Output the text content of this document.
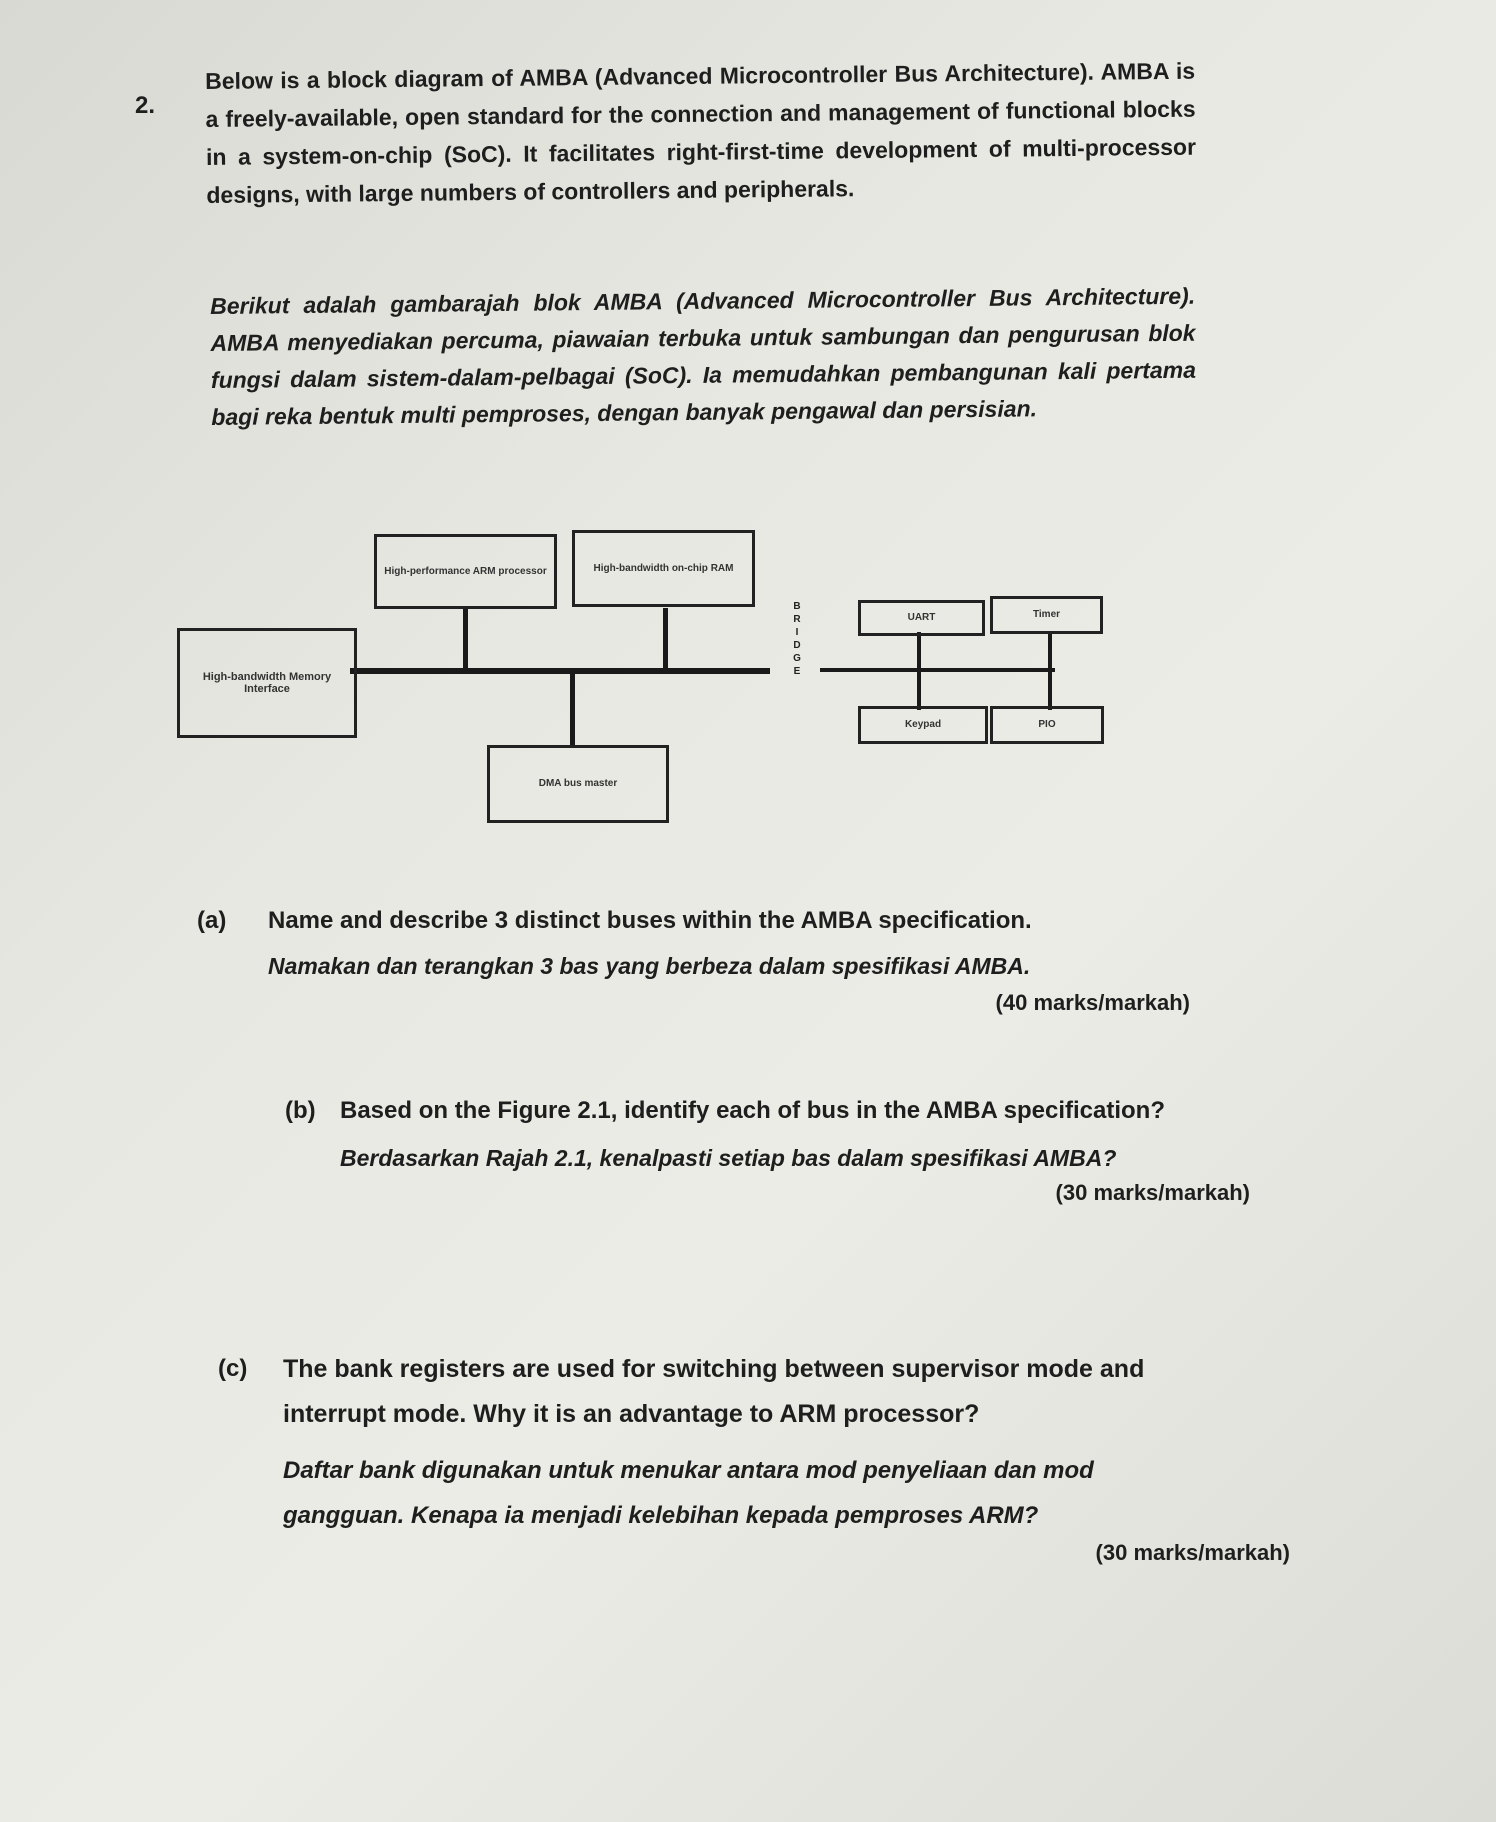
2.
Below is a block diagram of AMBA (Advanced Microcontroller Bus Architecture). AMBA is a freely-available, open standard for the connection and management of functional blocks in a system-on-chip (SoC). It facilitates right-first-time development of multi-processor designs, with large numbers of controllers and peripherals.
Berikut adalah gambarajah blok AMBA (Advanced Microcontroller Bus Architecture). AMBA menyediakan percuma, piawaian terbuka untuk sambungan dan pengurusan blok fungsi dalam sistem-dalam-pelbagai (SoC). Ia memudahkan pembangunan kali pertama bagi reka bentuk multi pemproses, dengan banyak pengawal dan persisian.
High-performance ARM processor	High-bandwidth on-chip RAM
High-bandwidth Memory Interface
DMA bus master
B
R
I
D
G
E
UART	Timer
Keypad	PIO
(a) Name and describe 3 distinct buses within the AMBA specification.
Namakan dan terangkan 3 bas yang berbeza dalam spesifikasi AMBA.
(40 marks/markah)
(b) Based on the Figure 2.1, identify each of bus in the AMBA specification?
Berdasarkan Rajah 2.1, kenalpasti setiap bas dalam spesifikasi AMBA?
(30 marks/markah)
(c) The bank registers are used for switching between supervisor mode and
interrupt mode. Why it is an advantage to ARM processor?
Daftar bank digunakan untuk menukar antara mod penyeliaan dan mod
gangguan. Kenapa ia menjadi kelebihan kepada pemproses ARM?
(30 marks/markah)
